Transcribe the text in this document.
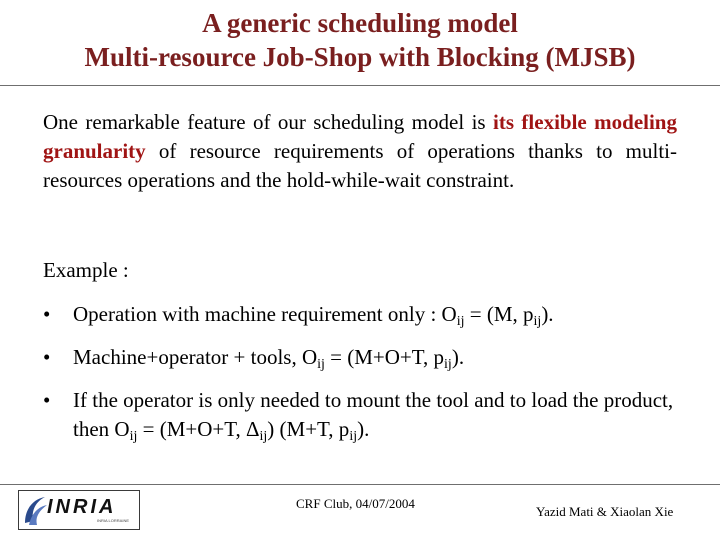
A generic scheduling model
Multi-resource Job-Shop with Blocking (MJSB)
One remarkable feature of our scheduling model is its flexible modeling granularity of resource requirements of operations thanks to multi-resources operations and the hold-while-wait constraint.
Example :
• Operation with machine requirement only : $O_{ij} = (M$, $p_{ij}$).
• Machine+operator + tools, $O_{ij} = (M+O+T$, $p_{ij}$).
• If the operator is only needed to mount the tool and to load the product, then $O_{ij} = (M+O+T$, $\Delta_{ij}$) (M+T, $p_{ij}$).
INRIA
INRIA LORRAINE
CRF Club, 04/07/2004
Yazid Mati & Xiaolan Xie
